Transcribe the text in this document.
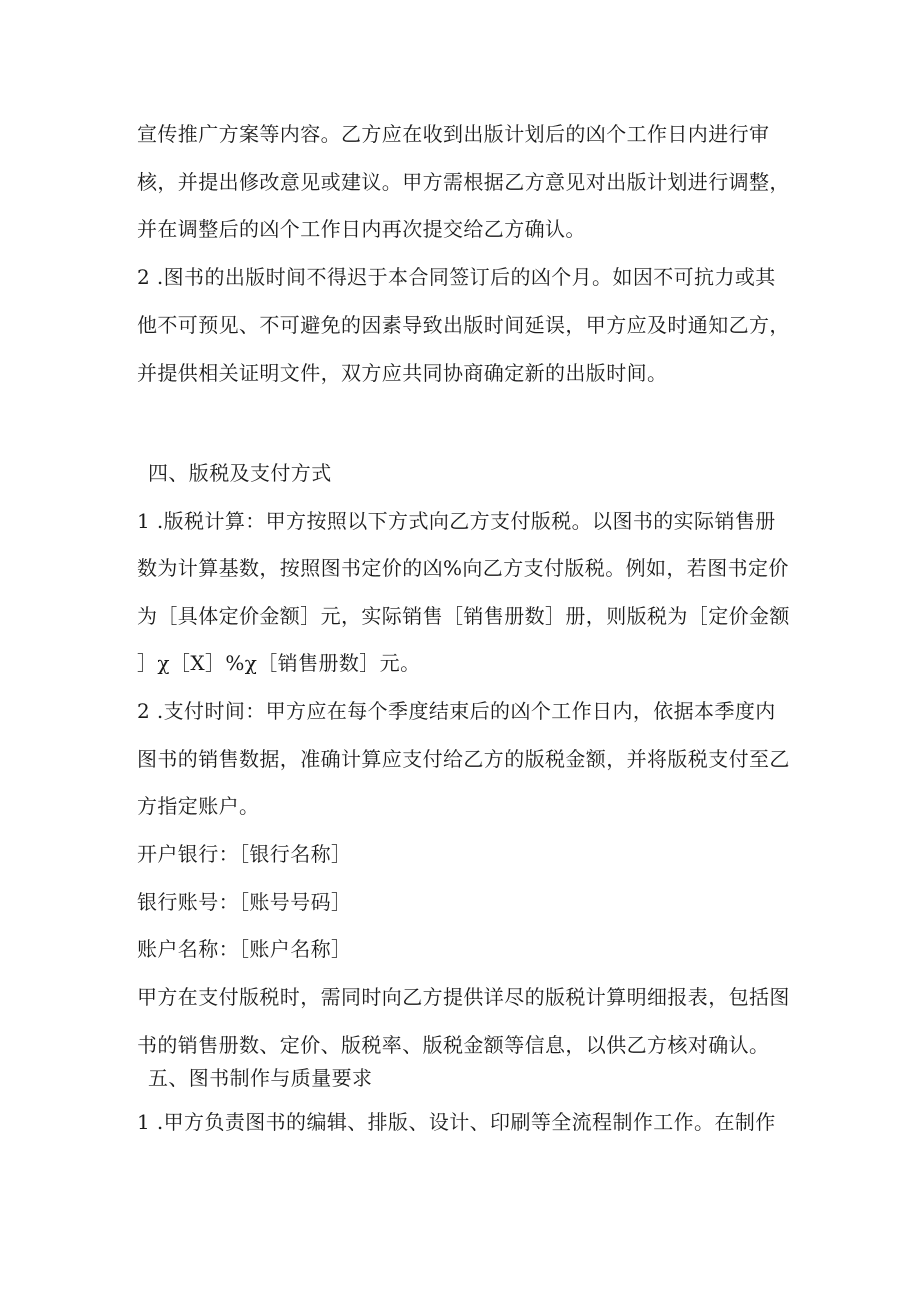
宣传推广方案等内容。乙方应在收到出版计划后的凶个工作日内进行审
核，并提出修改意见或建议。甲方需根据乙方意见对出版计划进行调整，
并在调整后的凶个工作日内再次提交给乙方确认。
2 .图书的出版时间不得迟于本合同签订后的凶个月。如因不可抗力或其
他不可预见、不可避免的因素导致出版时间延误，甲方应及时通知乙方，
并提供相关证明文件，双方应共同协商确定新的出版时间。
四、版税及支付方式
1 .版税计算：甲方按照以下方式向乙方支付版税。以图书的实际销售册
数为计算基数，按照图书定价的凶%向乙方支付版税。例如，若图书定价
为［具体定价金额］元，实际销售［销售册数］册，则版税为［定价金额
］χ［X］%χ［销售册数］元。
2 .支付时间：甲方应在每个季度结束后的凶个工作日内，依据本季度内
图书的销售数据，准确计算应支付给乙方的版税金额，并将版税支付至乙
方指定账户。
开户银行：［银行名称］
银行账号：［账号号码］
账户名称：［账户名称］
甲方在支付版税时，需同时向乙方提供详尽的版税计算明细报表，包括图
书的销售册数、定价、版税率、版税金额等信息，以供乙方核对确认。
五、图书制作与质量要求
1 .甲方负责图书的编辑、排版、设计、印刷等全流程制作工作。在制作
